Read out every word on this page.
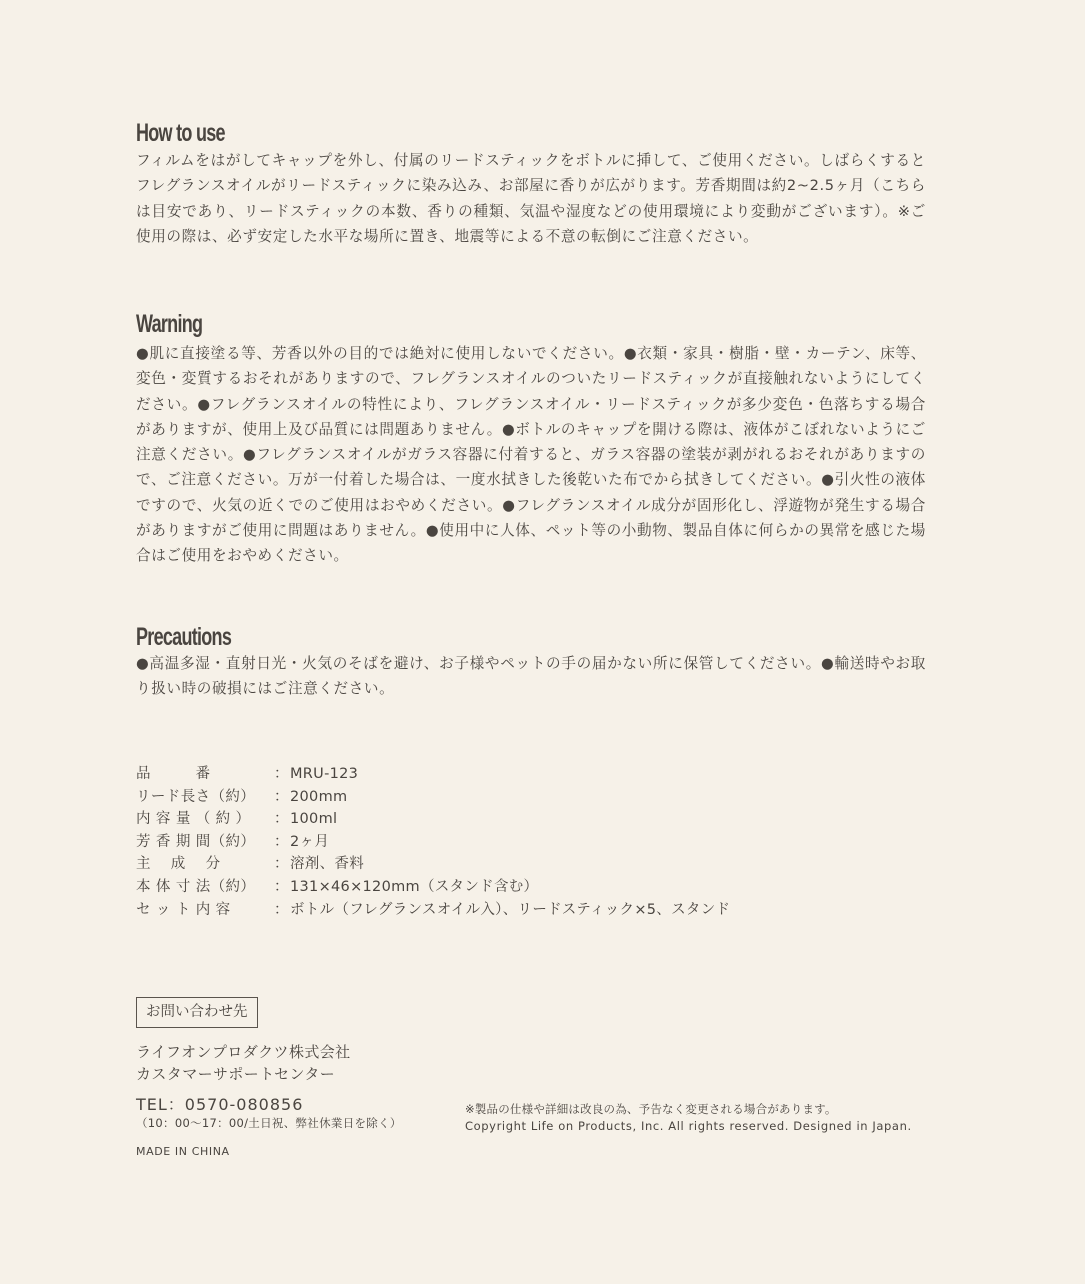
How to use

フィルムをはがしてキャップを外し、付属のリードスティックをボトルに挿して、ご使用ください。しばらくするとフレグランスオイルがリードスティックに染み込み、お部屋に香りが広がります。芳香期間は約2~2.5ヶ月（こちらは目安であり、リードスティックの本数、香りの種類、気温や湿度などの使用環境により変動がございます）。※ご使用の際は、必ず安定した水平な場所に置き、地震等による不意の転倒にご注意ください。

Warning

●肌に直接塗る等、芳香以外の目的では絶対に使用しないでください。●衣類・家具・樹脂・壁・カーテン、床等、変色・変質するおそれがありますので、フレグランスオイルのついたリードスティックが直接触れないようにしてください。●フレグランスオイルの特性により、フレグランスオイル・リードスティックが多少変色・色落ちする場合がありますが、使用上及び品質には問題ありません。●ボトルのキャップを開ける際は、液体がこぼれないようにご注意ください。●フレグランスオイルがガラス容器に付着すると、ガラス容器の塗装が剥がれるおそれがありますので、ご注意ください。万が一付着した場合は、一度水拭きした後乾いた布でから拭きしてください。●引火性の液体ですので、火気の近くでのご使用はおやめください。●フレグランスオイル成分が固形化し、浮遊物が発生する場合がありますがご使用に問題はありません。●使用中に人体、ペット等の小動物、製品自体に何らかの異常を感じた場合はご使用をおやめください。

Precautions

●高温多湿・直射日光・火気のそばを避け、お子様やペットの手の届かない所に保管してください。●輸送時やお取り扱い時の破損にはご注意ください。

品　　　番	： MRU-123
リード長さ（約）	： 200mm
内 容 量 （ 約 ）	： 100ml
芳 香 期 間（約）	： 2ヶ月
主　 成　 分	： 溶剤、香料
本 体 寸 法（約）	： 131×46×120mm（スタンド含む）
セ ッ ト 内 容	： ボトル（フレグランスオイル入）、リードスティック×5、スタンド
お問い合わせ先
ライフオンプロダクツ株式会社
カスタマーサポートセンター
TEL：0570-080856
（10：00〜17：00/土日祝、弊社休業日を除く）
MADE IN CHINA
※製品の仕様や詳細は改良の為、予告なく変更される場合があります。
Copyright Life on Products, Inc. All rights reserved. Designed in Japan.
